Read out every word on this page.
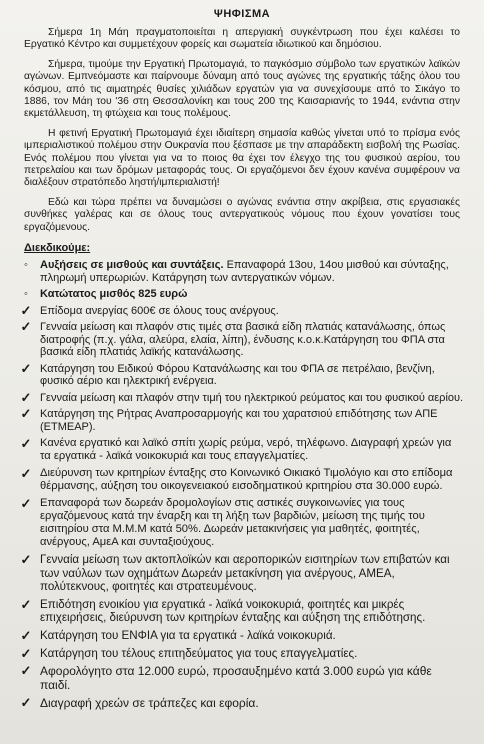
ΨΗΦΙΣΜΑ

Σήμερα 1η Μάη πραγματοποιείται η απεργιακή συγκέντρωση που έχει καλέσει το Εργατικό Κέντρο και συμμετέχουν φορείς και σωματεία ιδιωτικού και δημόσιου.

Σήμερα, τιμούμε την Εργατική Πρωτομαγιά, το παγκόσμιο σύμβολο των εργατικών λαϊκών αγώνων. Εμπνεόμαστε και παίρνουμε δύναμη από τους αγώνες της εργατικής τάξης όλου του κόσμου, από τις αιματηρές θυσίες χιλιάδων εργατών για να συνεχίσουμε από το Σικάγο το 1886, τον Μάη του '36 στη Θεσσαλονίκη και τους 200 της Καισαριανής το 1944, ενάντια στην εκμετάλλευση, τη φτώχεια και τους πολέμους.

Η φετινή Εργατική Πρωτομαγιά έχει ιδιαίτερη σημασία καθώς γίνεται υπό το πρίσμα ενός ιμπεριαλιστικού πολέμου στην Ουκρανία που ξέσπασε με την απαράδεκτη εισβολή της Ρωσίας. Ενός πολέμου που γίνεται για να το ποιος θα έχει τον έλεγχο της του φυσικού αερίου, του πετρελαίου και των δρόμων μεταφοράς τους. Οι εργαζόμενοι δεν έχουν κανένα συμφέρουν να διαλέξουν στρατόπεδο ληστή/ιμπεριαλιστή!

Εδώ και τώρα πρέπει να δυναμώσει ο αγώνας ενάντια στην ακρίβεια, στις εργασιακές συνθήκες γαλέρας και σε όλους τους αντεργατικούς νόμους που έχουν γονατίσει τους εργαζόμενους.

Διεκδικούμε:
◦	Αυξήσεις σε μισθούς και συντάξεις. Επαναφορά 13ου, 14ου μισθού και σύνταξης, πληρωμή υπερωριών. Κατάργηση των αντεργατικών νόμων.
◦	Κατώτατος μισθός 825 ευρώ
✓ Επίδομα ανεργίας 600€ σε όλους τους ανέργους.
✓ Γενναία μείωση και πλαφόν στις τιμές στα βασικά είδη πλατιάς κατανάλωσης, όπως διατροφής (π.χ. γάλα, αλεύρα, ελαία, λίπη), ένδυσης κ.ο.κ.Κατάργηση του ΦΠΑ στα βασικά είδη πλατιάς λαϊκής κατανάλωσης.
✓ Κατάργηση του Ειδικού Φόρου Κατανάλωσης και του ΦΠΑ σε πετρέλαιο, βενζίνη, φυσικό αέριο και ηλεκτρική ενέργεια.
✓ Γενναία μείωση και πλαφόν στην τιμή του ηλεκτρικού ρεύματος και του φυσικού αερίου.
✓ Κατάργηση της Ρήτρας Αναπροσαρμογής και του χαρατσιού επιδότησης των ΑΠΕ (ΕΤΜΕΑΡ).
✓ Κανένα εργατικό και λαϊκό σπίτι χωρίς ρεύμα, νερό, τηλέφωνο. Διαγραφή χρεών για τα εργατικά - λαϊκά νοικοκυριά και τους επαγγελματίες.
✓ Διεύρυνση των κριτηρίων ένταξης στο Κοινωνικό Οικιακό Τιμολόγιο και στο επίδομα θέρμανσης, αύξηση του οικογενειακού εισοδηματικού κριτηρίου στα 30.000 ευρώ.
✓ Επαναφορά των δωρεάν δρομολογίων στις αστικές συγκοινωνίες για τους εργαζόμενους κατά την έναρξη και τη λήξη των βαρδιών, μείωση της τιμής του εισιτηρίου στα Μ.Μ.Μ κατά 50%. Δωρεάν μετακινήσεις για μαθητές, φοιτητές, ανέργους, ΑμεΑ και συνταξιούχους.
✓ Γενναία μείωση των ακτοπλοϊκών και αεροπορικών εισιτηρίων των επιβατών και των ναύλων των οχημάτων Δωρεάν μετακίνηση για ανέργους, ΑΜΕΑ, πολύτεκνους, φοιτητές και στρατευμένους.
✓ Επιδότηση ενοικίου για εργατικά - λαϊκά νοικοκυριά, φοιτητές και μικρές επιχειρήσεις, διεύρυνση των κριτηρίων ένταξης και αύξηση της επιδότησης.
✓ Κατάργηση του ΕΝΦΙΑ για τα εργατικά - λαϊκά νοικοκυριά.
✓ Κατάργηση του τέλους επιτηδεύματος για τους επαγγελματίες.
✓ Αφορολόγητο στα 12.000 ευρώ, προσαυξημένο κατά 3.000 ευρώ για κάθε παιδί.
✓ Διαγραφή χρεών σε τράπεζες και εφορία.
